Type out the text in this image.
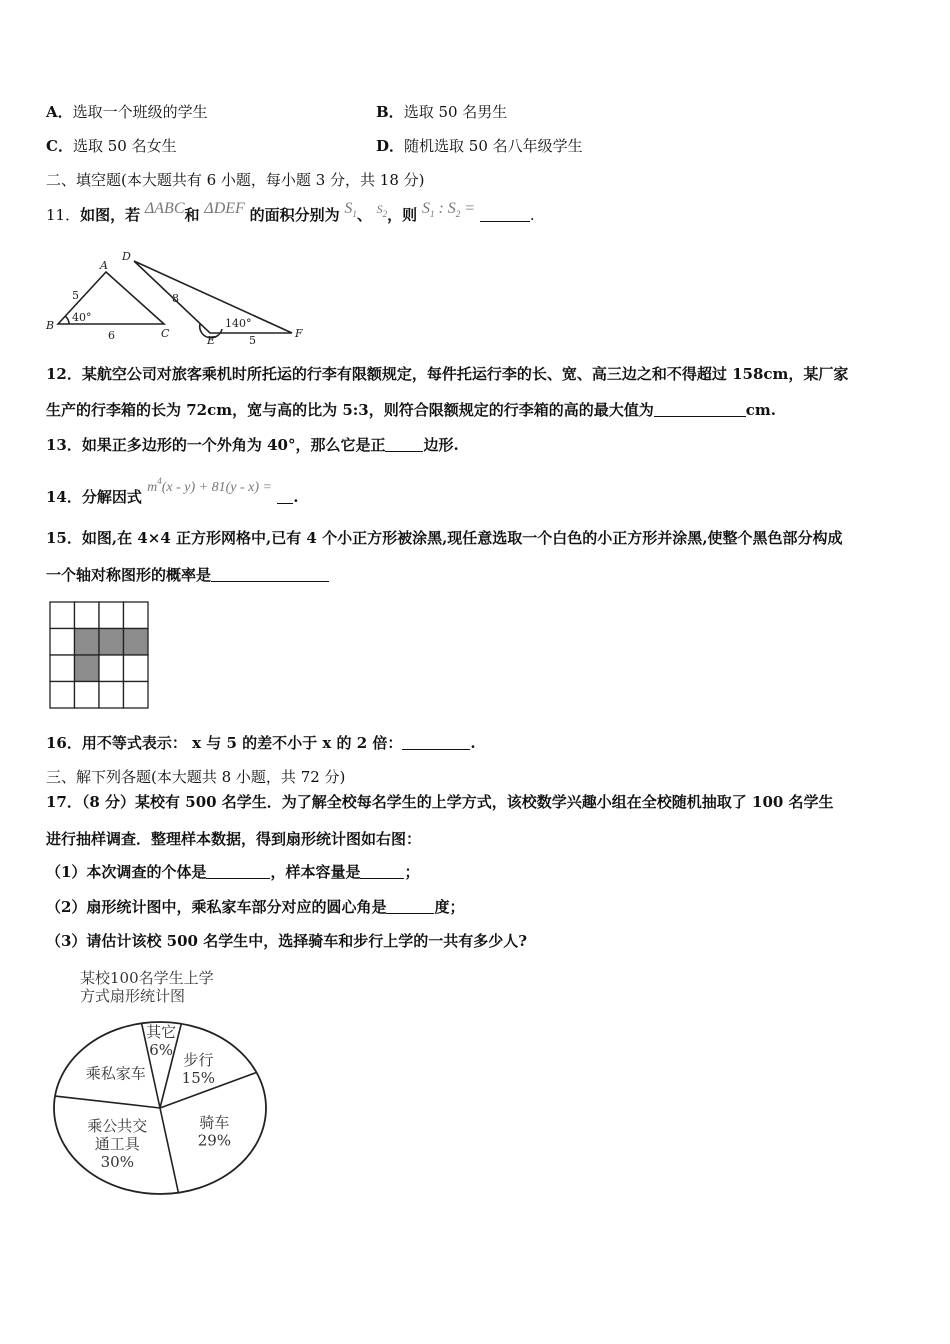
A．选取一个班级的学生	B．选取 50 名男生
C．选取 50 名女生	D．随机选取 50 名八年级学生
二、填空题(本大题共有 6 小题，每小题 3 分，共 18 分)
11．如图，若 ΔABC和 ΔDEF 的面积分别为 $S_1$、 $^{S_2}$，则 $S_1$ : $S_2$ =	.
A
B
C
D
E
F
5
6
40°
8
5
140°
12．某航空公司对旅客乘机时所托运的行李有限额规定，每件托运行李的长、宽、高三边之和不得超过 158cm，某厂家
生产的行李箱的长为 72cm，宽与高的比为 5:3，则符合限额规定的行李箱的高的最大值为	cm.
13．如果正多边形的一个外角为 40°，那么它是正	边形.
14．分解因式 $m^4(x - y) + 81(y - x)$ = .
15．如图,在 4×4 正方形网格中,已有 4 个小正方形被涂黑,现任意选取一个白色的小正方形并涂黑,使整个黑色部分构成
一个轴对称图形的概率是
16．用不等式表示： x 与 5 的差不小于 x 的 2 倍：	.
三、解下列各题(本大题共 8 小题，共 72 分)
17．（8 分）某校有 500 名学生．为了解全校每名学生的上学方式，该校数学兴趣小组在全校随机抽取了 100 名学生
进行抽样调查．整理样本数据，得到扇形统计图如右图：
（1）本次调查的个体是	，样本容量是	；
（2）扇形统计图中，乘私家车部分对应的圆心角是	度；
（3）请估计该校 500 名学生中，选择骑车和步行上学的一共有多少人?
某校100名学生上学
方式扇形统计图
其它
6%
步行
15%
骑车
29%
乘公共交
通工具
30%
乘私家车
